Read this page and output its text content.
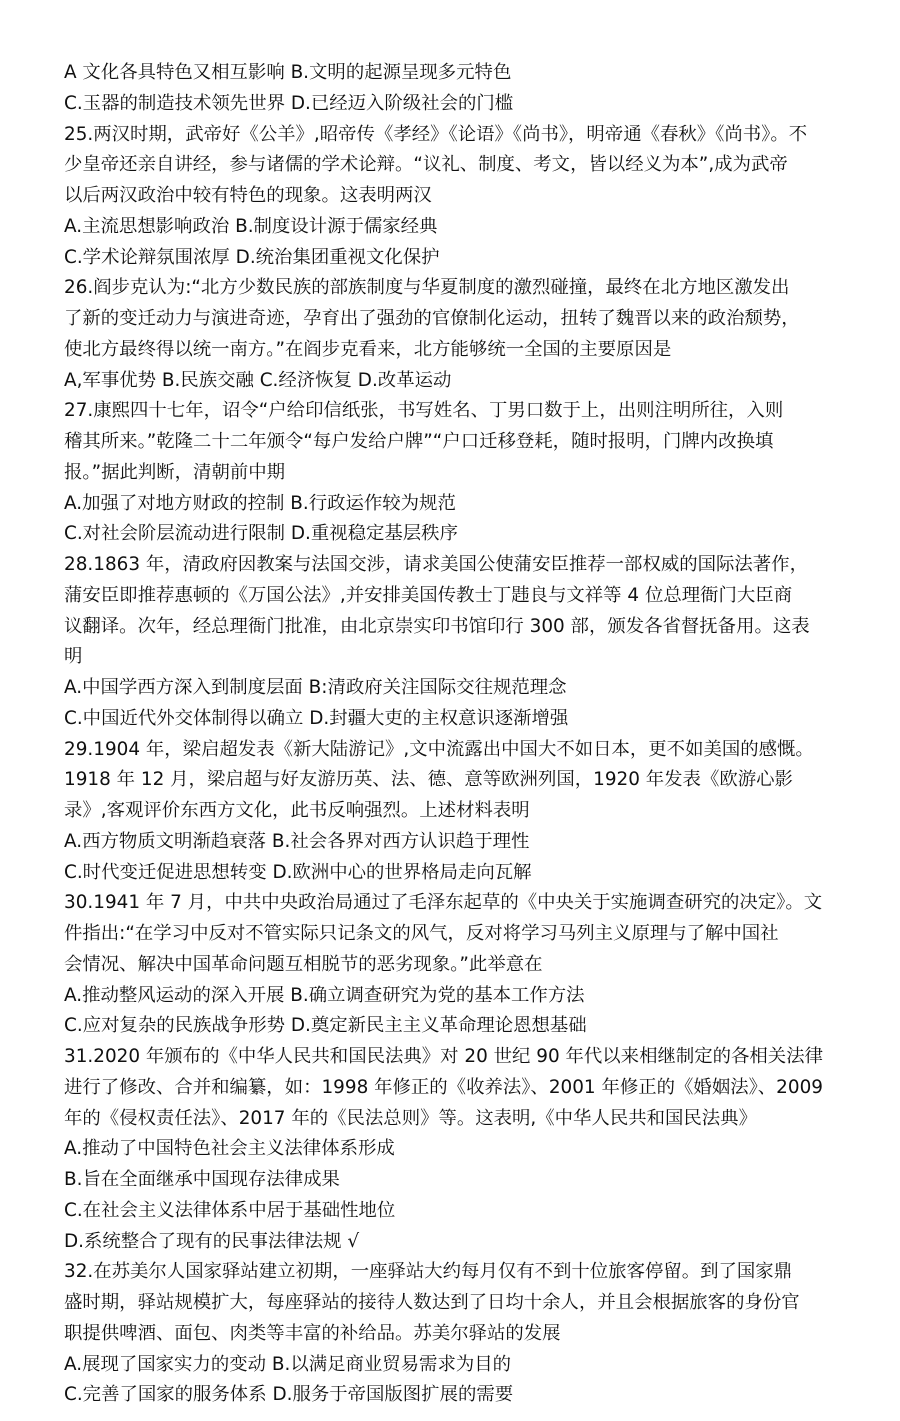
A 文化各具特色又相互影响 B.文明的起源呈现多元特色
C.玉器的制造技术领先世界 D.已经迈入阶级社会的门槛
25.两汉时期，武帝好《公羊》,昭帝传《孝经》《论语》《尚书》，明帝通《春秋》《尚书》。不
少皇帝还亲自讲经，参与诸儒的学术论辩。“议礼、制度、考文，皆以经义为本”,成为武帝
以后两汉政治中较有特色的现象。这表明两汉
A.主流思想影响政治 B.制度设计源于儒家经典
C.学术论辩氛围浓厚 D.统治集团重视文化保护
26.阎步克认为:“北方少数民族的部族制度与华夏制度的激烈碰撞，最终在北方地区激发出
了新的变迁动力与演进奇迹，孕育出了强劲的官僚制化运动，扭转了魏晋以来的政治颓势，
使北方最终得以统一南方。”在阎步克看来，北方能够统一全国的主要原因是
A,军事优势 B.民族交融 C.经济恢复 D.改革运动
27.康熙四十七年，诏令“户给印信纸张，书写姓名、丁男口数于上，出则注明所往，入则
稽其所来。”乾隆二十二年颁令“每户发给户牌”“户口迁移登耗，随时报明，门牌内改换填
报。”据此判断，清朝前中期
A.加强了对地方财政的控制 B.行政运作较为规范
C.对社会阶层流动进行限制 D.重视稳定基层秩序
28.1863 年，清政府因教案与法国交涉，请求美国公使蒲安臣推荐一部权威的国际法著作，
蒲安臣即推荐惠顿的《万国公法》,并安排美国传教士丁韪良与文祥等 4 位总理衙门大臣商
议翻译。次年，经总理衙门批准，由北京崇实印书馆印行 300 部，颁发各省督抚备用。这表
明
A.中国学西方深入到制度层面 B:清政府关注国际交往规范理念
C.中国近代外交体制得以确立 D.封疆大吏的主权意识逐渐增强
29.1904 年，梁启超发表《新大陆游记》,文中流露出中国大不如日本，更不如美国的感慨。
1918 年 12 月，梁启超与好友游历英、法、德、意等欧洲列国，1920 年发表《欧游心影
录》,客观评价东西方文化，此书反响强烈。上述材料表明
A.西方物质文明渐趋衰落 B.社会各界对西方认识趋于理性
C.时代变迁促进思想转变 D.欧洲中心的世界格局走向瓦解
30.1941 年 7 月，中共中央政治局通过了毛泽东起草的《中央关于实施调查研究的决定》。文
件指出:“在学习中反对不管实际只记条文的风气，反对将学习马列主义原理与了解中国社
会情况、解决中国革命问题互相脱节的恶劣现象。”此举意在
A.推动整风运动的深入开展 B.确立调查研究为党的基本工作方法
C.应对复杂的民族战争形势 D.奠定新民主主义革命理论恩想基础
31.2020 年颁布的《中华人民共和国民法典》对 20 世纪 90 年代以来相继制定的各相关法律
进行了修改、合并和编纂，如：1998 年修正的《收养法》、2001 年修正的《婚姻法》、2009
年的《侵权责任法》、2017 年的《民法总则》等。这表明,《中华人民共和国民法典》
A.推动了中国特色社会主义法律体系形成
B.旨在全面继承中国现存法律成果
C.在社会主义法律体系中居于基础性地位
D.系统整合了现有的民事法律法规 √
32.在苏美尔人国家驿站建立初期，一座驿站大约每月仅有不到十位旅客停留。到了国家鼎
盛时期，驿站规模扩大，每座驿站的接待人数达到了日均十余人，并且会根据旅客的身份官
职提供啤酒、面包、肉类等丰富的补给品。苏美尔驿站的发展
A.展现了国家实力的变动 B.以满足商业贸易需求为目的
C.完善了国家的服务体系 D.服务于帝国版图扩展的需要
